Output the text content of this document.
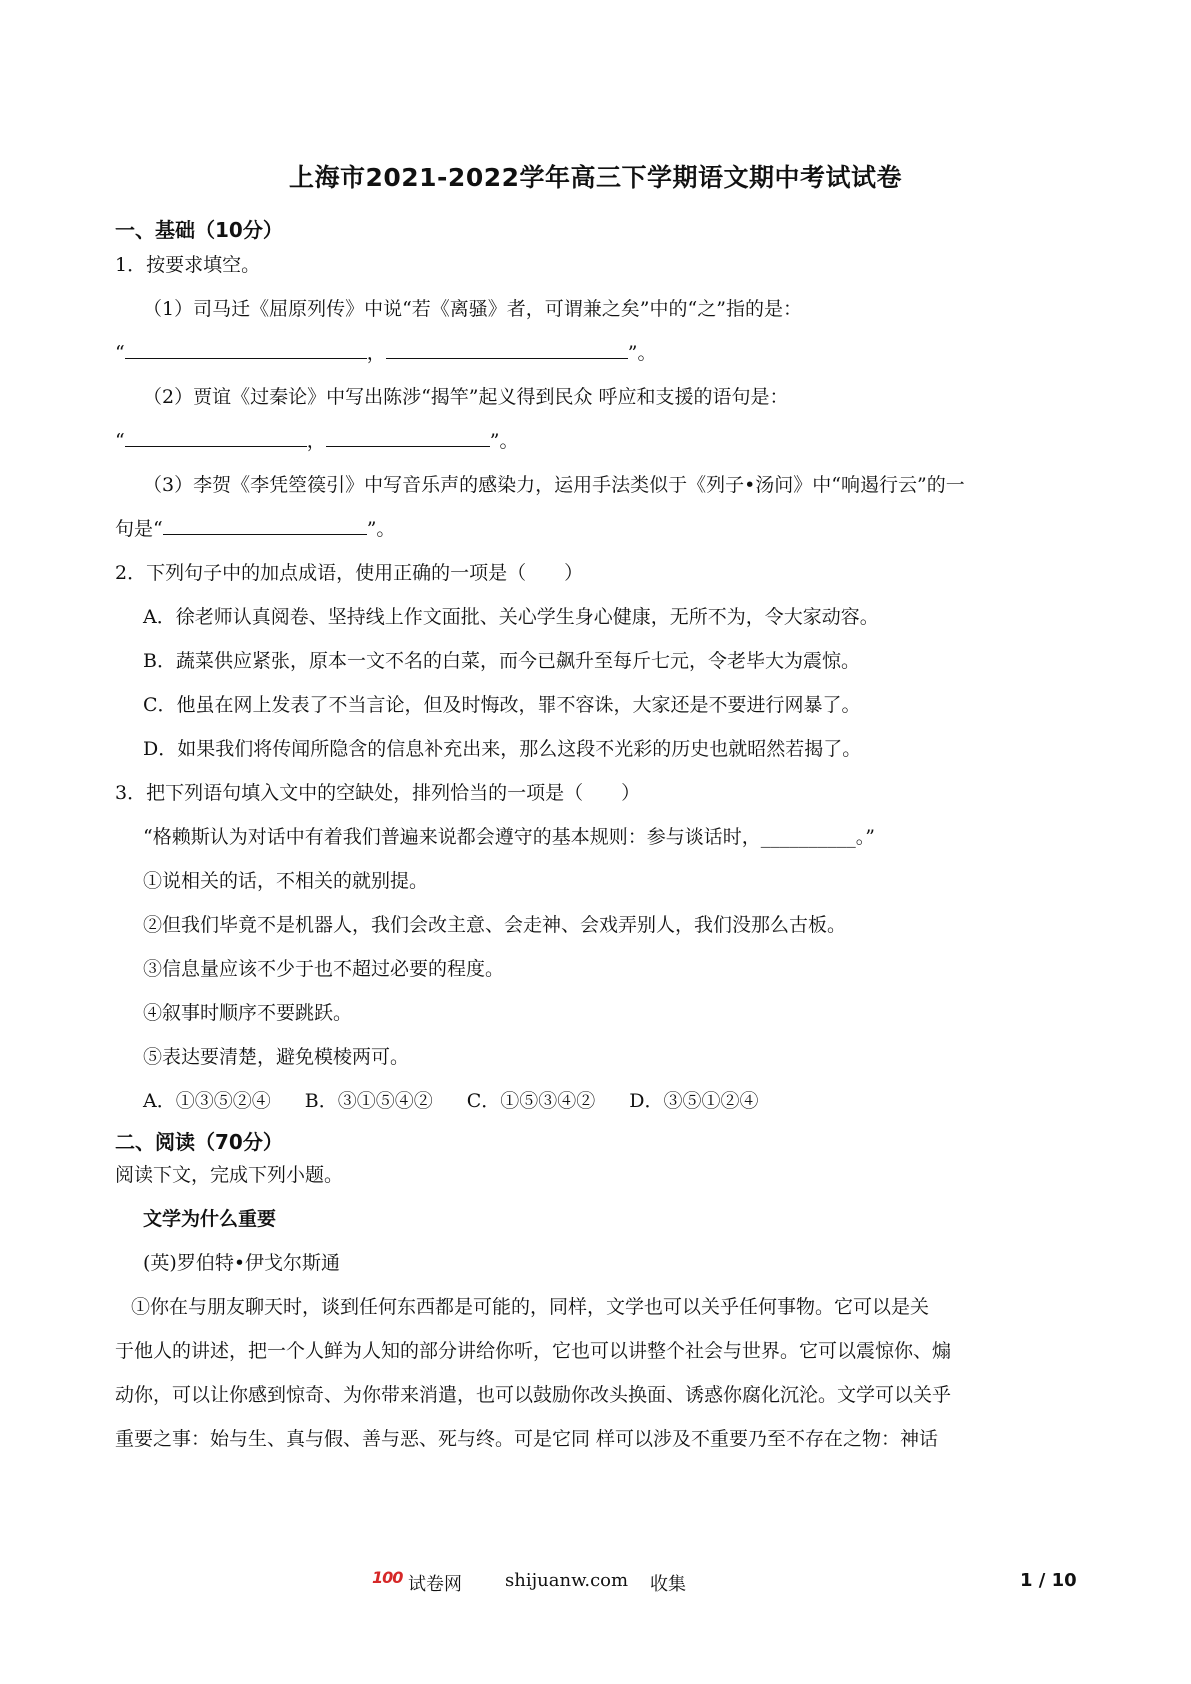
上海市2021-2022学年高三下学期语文期中考试试卷
一、基础（10分）
1．按要求填空。
（1）司马迁《屈原列传》中说“若《离骚》者，可谓兼之矣”中的“之”指的是：
“	，	”。
（2）贾谊《过秦论》中写出陈涉“揭竿”起义得到民众 呼应和支援的语句是：
“	，	”。
（3）李贺《李凭箜篌引》中写音乐声的感染力，运用手法类似于《列子•汤问》中“响遏行云”的一
句是“	”。
2．下列句子中的加点成语，使用正确的一项是（　　）
A．徐老师认真阅卷、坚持线上作文面批、关心学生身心健康，无所不为，令大家动容。
B．蔬菜供应紧张，原本一文不名的白菜，而今已飙升至每斤七元，令老毕大为震惊。
C．他虽在网上发表了不当言论，但及时悔改，罪不容诛，大家还是不要进行网暴了。
D．如果我们将传闻所隐含的信息补充出来，那么这段不光彩的历史也就昭然若揭了。
3．把下列语句填入文中的空缺处，排列恰当的一项是（　　）
“格赖斯认为对话中有着我们普遍来说都会遵守的基本规则：参与谈话时，__________。”
①说相关的话，不相关的就别提。
②但我们毕竟不是机器人，我们会改主意、会走神、会戏弄别人，我们没那么古板。
③信息量应该不少于也不超过必要的程度。
④叙事时顺序不要跳跃。
⑤表达要清楚，避免模棱两可。
A．①③⑤②④ B．③①⑤④② C．①⑤③④② D．③⑤①②④
二、阅读（70分）
阅读下文，完成下列小题。
文学为什么重要
(英)罗伯特•伊戈尔斯通
①你在与朋友聊天时，谈到任何东西都是可能的，同样，文学也可以关乎任何事物。它可以是关
于他人的讲述，把一个人鲜为人知的部分讲给你听，它也可以讲整个社会与世界。它可以震惊你、煽
动你，可以让你感到惊奇、为你带来消遣，也可以鼓励你改头换面、诱惑你腐化沉沦。文学可以关乎
重要之事：始与生、真与假、善与恶、死与终。可是它同 样可以涉及不重要乃至不存在之物：神话
100 试卷网 shijuanw.com 收集	1 / 10
